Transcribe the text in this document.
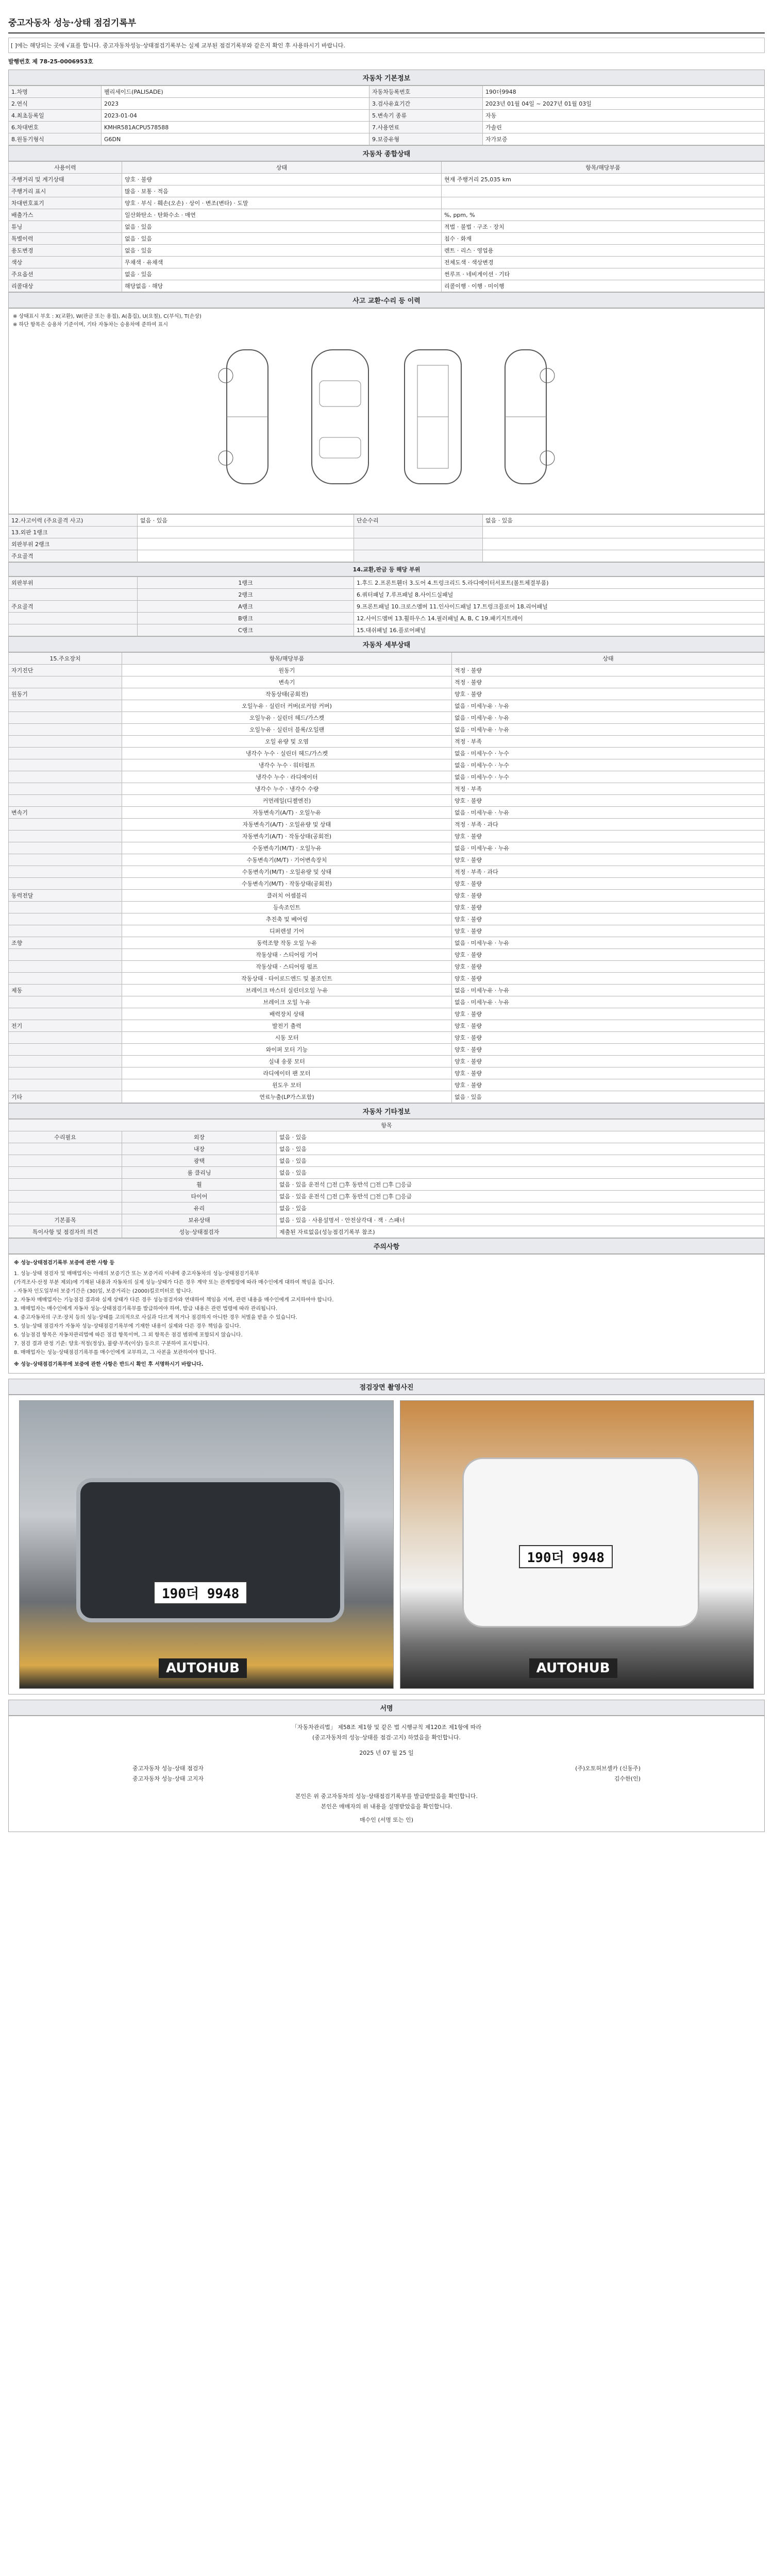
중고자동차 성능·상태 점검기록부
[ ]에는 해당되는 곳에 √표를 합니다. 중고자동차성능·상태점검기록부는 실제 교부된 점검기록부와 같은지 확인 후 사용하시기 바랍니다.
발행번호 제 78-25-0006953호
자동차 기본정보
1.차명	팰리세이드(PALISADE)	자동차등록번호	190더9948
2.연식	2023	3.검사유효기간	2023년 01월 04일 ~ 2027년 01월 03일
4.최초등록일	2023-01-04	5.변속기 종류	자동
6.차대번호	KMHR581ACPU578588	7.사용연료	가솔린
8.원동기형식	G6DN	9.보증유형	자가보증
자동차 종합상태
사용이력	상태	항목/해당부품
주행거리 및 계기상태	양호 · 불량	현재 주행거리 25,035 km
주행거리 표시	많음 · 보통 · 적음	
차대번호표기	양호 · 부식 · 훼손(오손) · 상이 · 변조(변타) · 도말	
배출가스	일산화탄소 · 탄화수소 · 매연	%, ppm, %
튜닝	없음 · 있음	적법 · 불법 · 구조 · 장치
특별이력	없음 · 있음	침수 · 화재
용도변경	없음 · 있음	렌트 · 리스 · 영업용
색상	무채색 · 유채색	전체도색 · 색상변경
주요옵션	없음 · 있음	썬루프 · 네비게이션 · 기타
리콜대상	해당없음 · 해당	리콜이행 · 이행 · 미이행
사고 교환·수리 등 이력
※ 상태표시 부호 : X(교환), W(판금 또는 용접), A(흠집), U(요철), C(부식), T(손상)
※ 하단 항목은 승용차 기준이며, 기타 자동차는 승용차에 준하여 표시
12.사고이력 (주요골격 사고)	없음 · 있음	단순수리	없음 · 있음
13.외판 1랭크			
외판부위 2랭크			
주요골격			
14.교환,판금 등 해당 부위
외판부위	1랭크	1.후드 2.프론트휀더 3.도어 4.트렁크리드 5.라디에이터서포트(볼트체결부품)
	2랭크	6.쿼터패널 7.루프패널 8.사이드실패널
주요골격	A랭크	9.프론트패널 10.크로스멤버 11.인사이드패널 17.트렁크플로어 18.리어패널
	B랭크	12.사이드멤버 13.휠하우스 14.필러패널 A, B, C 19.패키지트레이
	C랭크	15.대쉬패널 16.플로어패널
자동차 세부상태
15.주요장치	항목/해당부품	상태
자기진단	원동기	적정 · 불량
	변속기	적정 · 불량
원동기	작동상태(공회전)	양호 · 불량
	오일누유 · 실린더 커버(로커암 커버)	없음 · 미세누유 · 누유
	오일누유 · 실린더 헤드/가스켓	없음 · 미세누유 · 누유
	오일누유 · 실린더 블록/오일팬	없음 · 미세누유 · 누유
	오일 유량 및 오염	적정 · 부족
	냉각수 누수 · 실린더 헤드/가스켓	없음 · 미세누수 · 누수
	냉각수 누수 · 워터펌프	없음 · 미세누수 · 누수
	냉각수 누수 · 라디에이터	없음 · 미세누수 · 누수
	냉각수 누수 · 냉각수 수량	적정 · 부족
	커먼레일(디젤엔진)	양호 · 불량
변속기	자동변속기(A/T) · 오일누유	없음 · 미세누유 · 누유
	자동변속기(A/T) · 오일유량 및 상태	적정 · 부족 · 과다
	자동변속기(A/T) · 작동상태(공회전)	양호 · 불량
	수동변속기(M/T) · 오일누유	없음 · 미세누유 · 누유
	수동변속기(M/T) · 기어변속장치	양호 · 불량
	수동변속기(M/T) · 오일유량 및 상태	적정 · 부족 · 과다
	수동변속기(M/T) · 작동상태(공회전)	양호 · 불량
동력전달	클러치 어셈블리	양호 · 불량
	등속조인트	양호 · 불량
	추진축 및 베어링	양호 · 불량
	디퍼렌셜 기어	양호 · 불량
조향	동력조향 작동 오일 누유	없음 · 미세누유 · 누유
	작동상태 · 스티어링 기어	양호 · 불량
	작동상태 · 스티어링 펌프	양호 · 불량
	작동상태 · 타이로드엔드 및 볼조인트	양호 · 불량
제동	브레이크 마스터 실린더오일 누유	없음 · 미세누유 · 누유
	브레이크 오일 누유	없음 · 미세누유 · 누유
	배력장치 상태	양호 · 불량
전기	발전기 출력	양호 · 불량
	시동 모터	양호 · 불량
	와이퍼 모터 기능	양호 · 불량
	실내 송풍 모터	양호 · 불량
	라디에이터 팬 모터	양호 · 불량
	윈도우 모터	양호 · 불량
기타	연료누출(LP가스포함)	없음 · 있음
자동차 기타정보
항목		
수리필요	외장	없음 · 있음
	내장	없음 · 있음
	광택	없음 · 있음
	룸 클리닝	없음 · 있음
	휠	없음 · 있음 운전석 □전 □후 동반석 □전 □후 □응급
	타이어	없음 · 있음 운전석 □전 □후 동반석 □전 □후 □응급
	유리	없음 · 있음
기본품목	보유상태	없음 · 있음 · 사용설명서 · 안전삼각대 · 잭 · 스패너
특이사항 및 점검자의 의견	성능·상태점검자	제출된 자료없음(성능점검기록부 참조)
주의사항
※ 성능·상태점검기록부 보증에 관한 사항 등
1. 성능·상태 점검자 및 매매업자는 아래의 보증기간 또는 보증거리 이내에 중고자동차의 성능·상태점검기록부
(가격조사·산정 부분 제외)에 기재된 내용과 자동차의 실제 성능·상태가 다른 경우 계약 또는 관계법령에 따라 매수인에게 대하여 책임을 집니다.
- 자동차 인도일부터 보증기간은 (30)일, 보증거리는 (2000)킬로미터로 합니다.
2. 자동차 매매업자는 기능점검 결과와 실제 상태가 다른 경우 성능점검자와 연대하여 책임을 지며, 관련 내용을 매수인에게 고지하여야 합니다.
3. 매매업자는 매수인에게 자동차 성능·상태점검기록부를 발급하여야 하며, 발급 내용은 관련 법령에 따라 관리됩니다.
4. 중고자동차의 구조·장치 등의 성능·상태를 고의적으로 사실과 다르게 적거나 점검하지 아니한 경우 처벌을 받을 수 있습니다.
5. 성능·상태 점검자가 자동차 성능·상태점검기록부에 기재한 내용이 실제와 다른 경우 책임을 집니다.
6. 성능점검 항목은 자동차관리법에 따른 점검 항목이며, 그 외 항목은 점검 범위에 포함되지 않습니다.
7. 점검 결과 판정 기준: 양호·적정(정상), 불량·부족(이상) 등으로 구분하여 표시합니다.
8. 매매업자는 성능·상태점검기록부를 매수인에게 교부하고, 그 사본을 보관하여야 합니다.
※ 성능·상태점검기록부에 보증에 관한 사항은 반드시 확인 후 서명하시기 바랍니다.
점검장면 촬영사진
190더 9948
AUTOHUB
190더 9948
AUTOHUB
서명
「자동차관리법」 제58조 제1항 및 같은 법 시행규칙 제120조 제1항에 따라
(중고자동차의 성능·상태를 점검·고지) 하였음을 확인합니다.
2025 년 07 월 25 일
중고자동차 성능·상태 점검자	(주)오토허브셀카 (신동주)
중고자동차 성능·상태 고지자	김수한(인)
본인은 위 중고자동차의 성능·상태점검기록부를 발급받았음을 확인합니다.
본인은 매매자의 위 내용을 설명받았음을 확인합니다.
매수인 (서명 또는 인)
